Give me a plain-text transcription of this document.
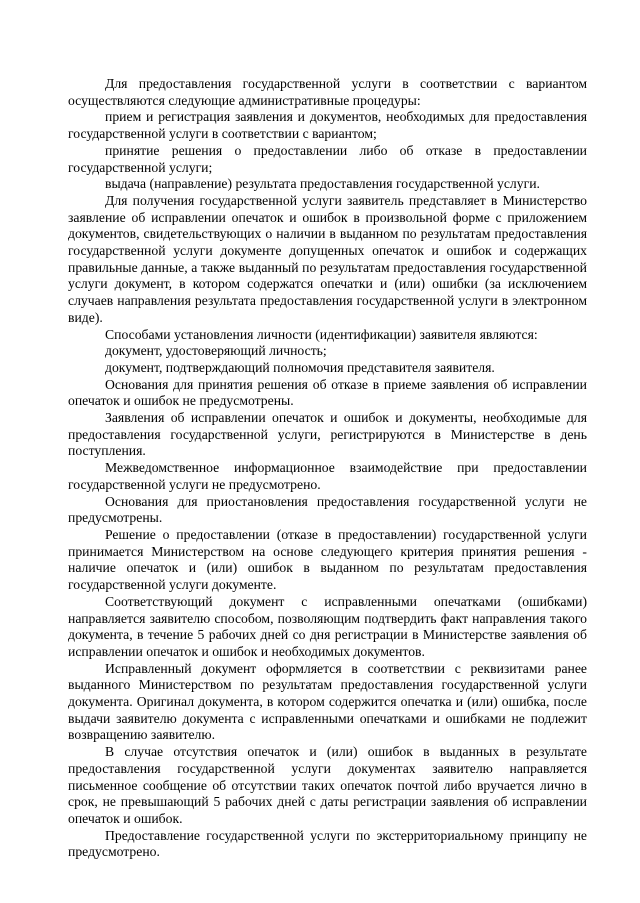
Для предоставления государственной услуги в соответствии с вариантом осуществляются следующие административные процедуры:

прием и регистрация заявления и документов, необходимых для предоставления государственной услуги в соответствии с вариантом;

принятие решения о предоставлении либо об отказе в предоставлении государственной услуги;

выдача (направление) результата предоставления государственной услуги.

Для получения государственной услуги заявитель представляет в Министерство заявление об исправлении опечаток и ошибок в произвольной форме с приложением документов, свидетельствующих о наличии в выданном по результатам предоставления государственной услуги документе допущенных опечаток и ошибок и содержащих правильные данные, а также выданный по результатам предоставления государственной услуги документ, в котором содержатся опечатки и (или) ошибки (за исключением случаев направления результата предоставления государственной услуги в электронном виде).

Способами установления личности (идентификации) заявителя являются:

документ, удостоверяющий личность;

документ, подтверждающий полномочия представителя заявителя.

Основания для принятия решения об отказе в приеме заявления об исправлении опечаток и ошибок не предусмотрены.

Заявления об исправлении опечаток и ошибок и документы, необходимые для предоставления государственной услуги, регистрируются в Министерстве в день поступления.

Межведомственное информационное взаимодействие при предоставлении государственной услуги не предусмотрено.

Основания для приостановления предоставления государственной услуги не предусмотрены.

Решение о предоставлении (отказе в предоставлении) государственной услуги принимается Министерством на основе следующего критерия принятия решения - наличие опечаток и (или) ошибок в выданном по результатам предоставления государственной услуги документе.

Соответствующий документ с исправленными опечатками (ошибками) направляется заявителю способом, позволяющим подтвердить факт направления такого документа, в течение 5 рабочих дней со дня регистрации в Министерстве заявления об исправлении опечаток и ошибок и необходимых документов.

Исправленный документ оформляется в соответствии с реквизитами ранее выданного Министерством по результатам предоставления государственной услуги документа. Оригинал документа, в котором содержится опечатка и (или) ошибка, после выдачи заявителю документа с исправленными опечатками и ошибками не подлежит возвращению заявителю.

В случае отсутствия опечаток и (или) ошибок в выданных в результате предоставления государственной услуги документах заявителю направляется письменное сообщение об отсутствии таких опечаток почтой либо вручается лично в срок, не превышающий 5 рабочих дней с даты регистрации заявления об исправлении опечаток и ошибок.

Предоставление государственной услуги по экстерриториальному принципу не предусмотрено.
